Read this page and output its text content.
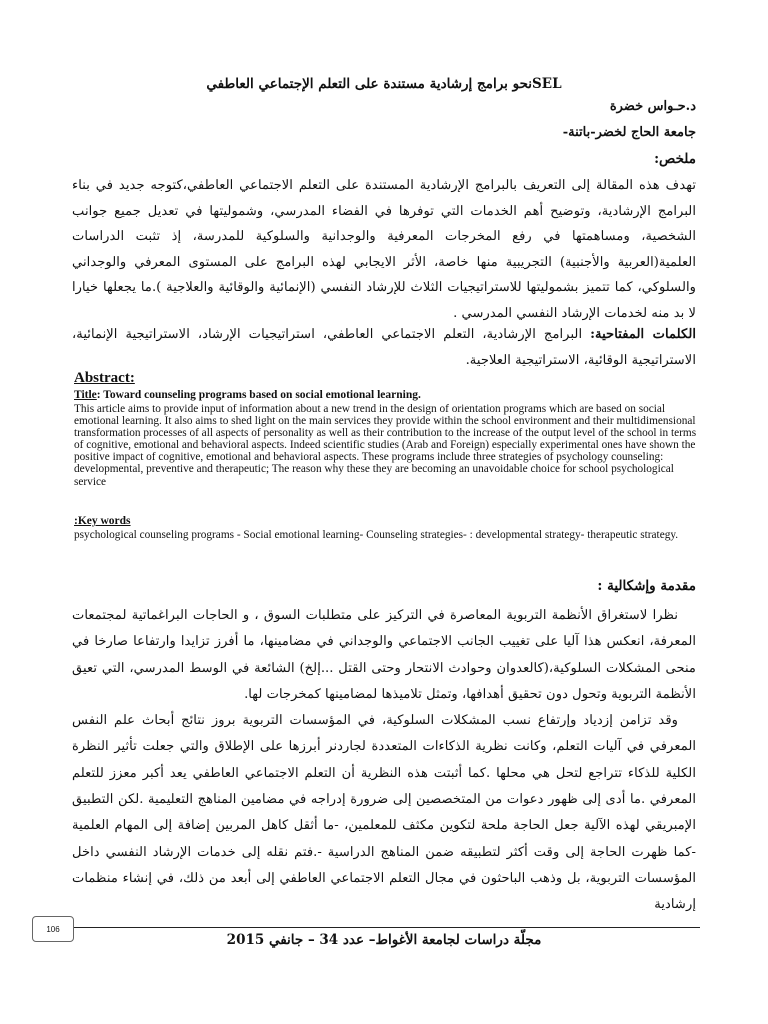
نحو برامج إرشادية مستندة على التعلم الإجتماعي العاطفيSEL
د.حـواس خضرة
جامعة الحاج لخضر-باتنة-
ملخص:
تهدف هذه المقالة إلى التعريف بالبرامج الإرشادية المستندة على التعلم الاجتماعي العاطفي،كتوجه جديد في بناء البرامج الإرشادية، وتوضيح أهم الخدمات التي توفرها في الفضاء المدرسي، وشموليتها في تعديل جميع جوانب الشخصية، ومساهمتها في رفع المخرجات المعرفية والوجدانية والسلوكية للمدرسة، إذ تثبت الدراسات العلمية(العربية والأجنبية) التجريبية منها خاصة، الأثر الايجابي لهذه البرامج على المستوى المعرفي والوجداني والسلوكي، كما تتميز بشموليتها للاستراتيجيات الثلاث للإرشاد النفسي (الإنمائية والوقائية والعلاجية ).ما يجعلها خيارا لا بد منه لخدمات الإرشاد النفسي المدرسي .
الكلمات المفتاحية: البرامج الإرشادية، التعلم الاجتماعي العاطفي، استراتيجيات الإرشاد، الاستراتيجية الإنمائية، الاستراتيجية الوقائية، الاستراتيجية العلاجية.
Abstract:
Title: Toward counseling programs based on social emotional learning.
This article aims to provide input of information about a new trend in the design of orientation programs which are based on social emotional learning. It also aims to shed light on the main services they provide within the school environment and their multidimensional transformation processes of all aspects of personality as well as their contribution to the increase of the output level of the school in terms of cognitive, emotional and behavioral aspects. Indeed scientific studies (Arab and Foreign) especially experimental ones have shown the positive impact of cognitive, emotional and behavioral aspects. These programs include three strategies of psychology counseling: developmental, preventive and therapeutic; The reason why these they are becoming an unavoidable choice for school psychological service
:Key words
psychological counseling programs - Social emotional learning- Counseling strategies- : developmental strategy- therapeutic strategy.
مقدمة وإشكالية :

نظرا لاستغراق الأنظمة التربوية المعاصرة في التركيز على متطلبات السوق ، و الحاجات البراغماتية لمجتمعات المعرفة، انعكس هذا آليا على تغييب الجانب الاجتماعي والوجداني في مضامينها، ما أفرز تزايدا وارتفاعا صارخا في منحى المشكلات السلوكية،(كالعدوان وحوادث الانتحار وحتى القتل ...إلخ) الشائعة في الوسط المدرسي، التي تعيق الأنظمة التربوية وتحول دون تحقيق أهدافها، وتمثل تلاميذها لمضامينها كمخرجات لها.

وقد تزامن إزدياد وإرتفاع نسب المشكلات السلوكية، في المؤسسات التربوية بروز نتائج أبحاث علم النفس المعرفي في آليات التعلم، وكانت نظرية الذكاءات المتعددة لجاردنر أبرزها على الإطلاق والتي جعلت تأثير النظرة الكلية للذكاء تتراجع لتحل هي محلها .كما أثبتت هذه النظرية أن التعلم الاجتماعي العاطفي يعد أكبر معزز للتعلم المعرفي .ما أدى إلى ظهور دعوات من المتخصصين إلى ضرورة إدراجه في مضامين المناهج التعليمية .لكن التطبيق الإمبريقي لهذه الآلية جعل الحاجة ملحة لتكوين مكثف للمعلمين، -ما أثقل كاهل المربين إضافة إلى المهام العلمية -كما ظهرت الحاجة إلى وقت أكثر لتطبيقه ضمن المناهج الدراسية -.فتم نقله إلى خدمات الإرشاد النفسي داخل المؤسسات التربوية، بل وذهب الباحثون في مجال التعلم الاجتماعي العاطفي إلى أبعد من ذلك، في إنشاء منظمات إرشادية

106
مجلّة دراسات لجامعة الأغواط– عدد 34 – جانفي 2015
